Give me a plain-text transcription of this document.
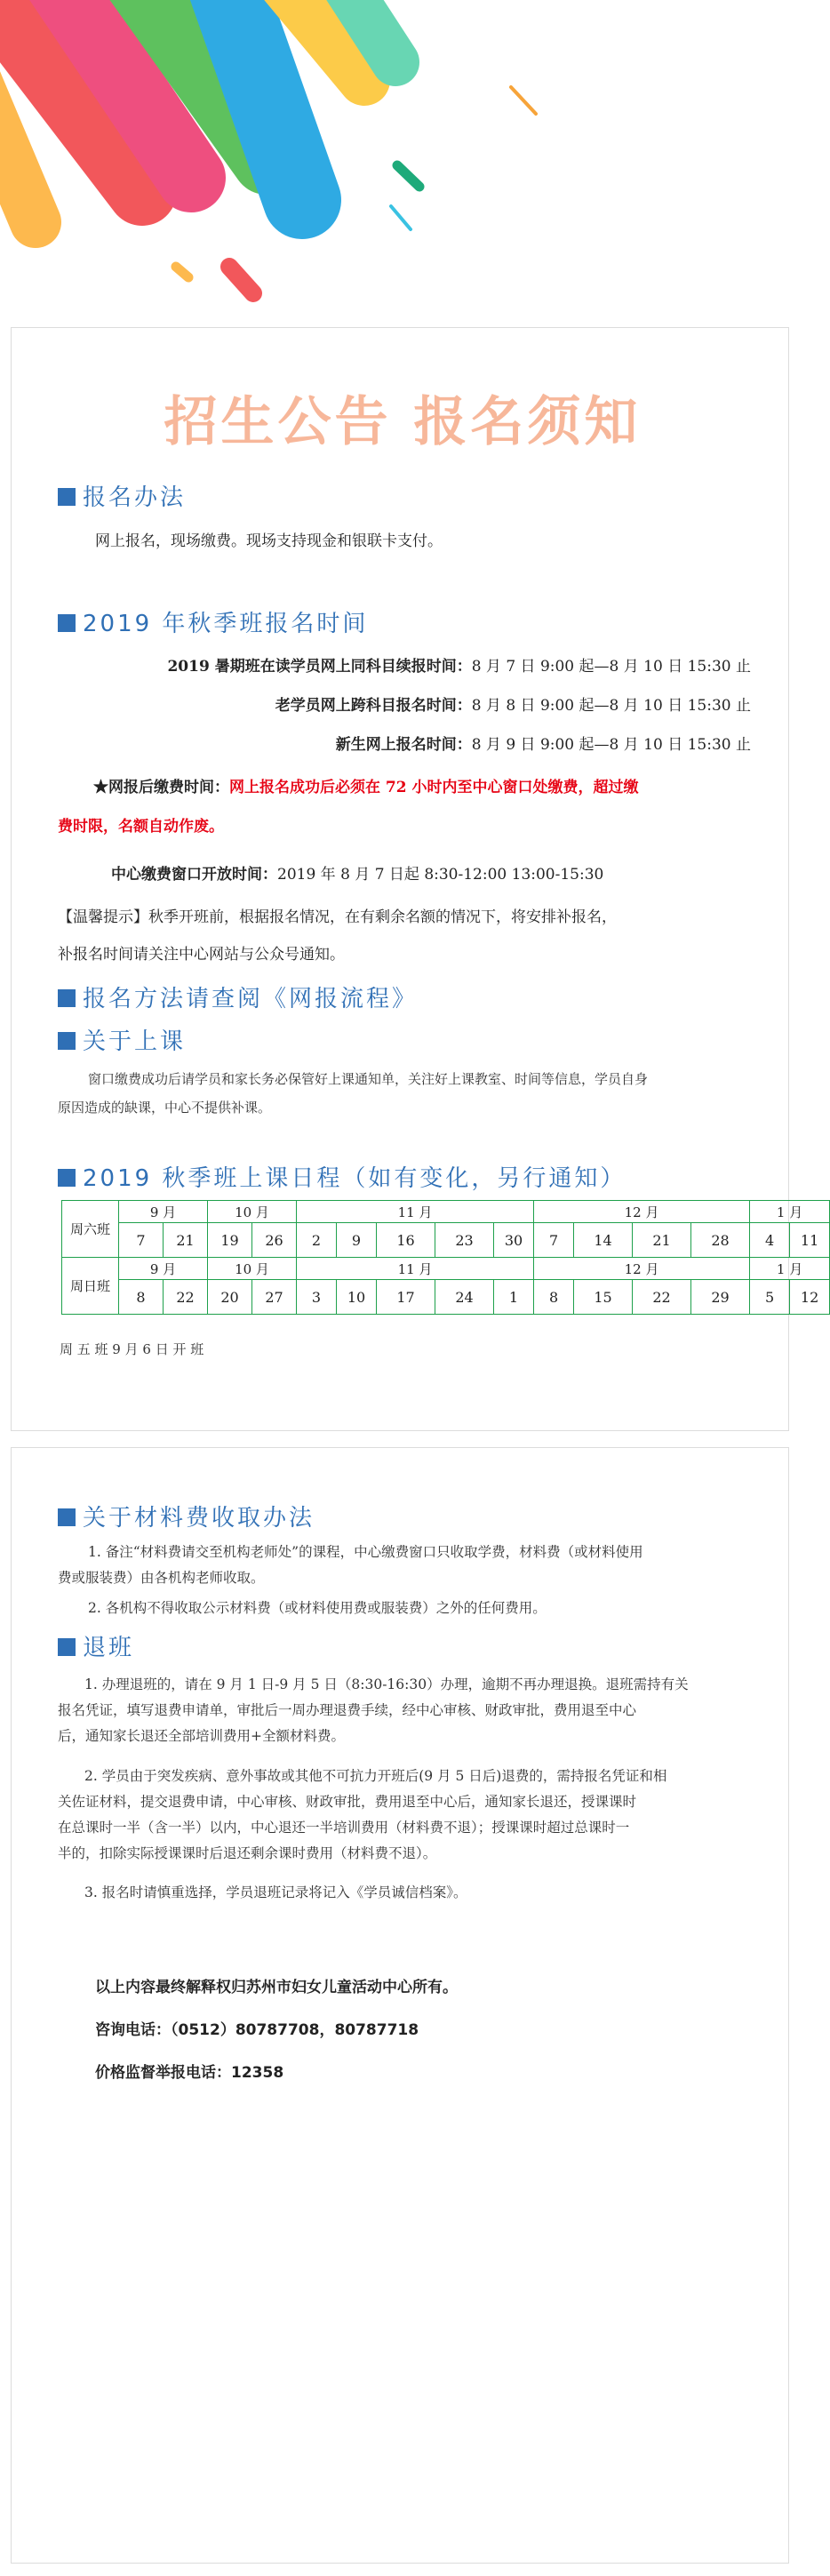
招生公告 报名须知
报名办法
网上报名，现场缴费。现场支持现金和银联卡支付。
2019 年秋季班报名时间
2019 暑期班在读学员网上同科目续报时间：8 月 7 日 9:00 起—8 月 10 日 15:30 止
老学员网上跨科目报名时间：8 月 8 日 9:00 起—8 月 10 日 15:30 止
新生网上报名时间：8 月 9 日 9:00 起—8 月 10 日 15:30 止
★网报后缴费时间：网上报名成功后必须在 72 小时内至中心窗口处缴费，超过缴
费时限，名额自动作废。
中心缴费窗口开放时间：2019 年 8 月 7 日起 8:30-12:00 13:00-15:30
【温馨提示】秋季开班前，根据报名情况，在有剩余名额的情况下，将安排补报名，
补报名时间请关注中心网站与公众号通知。
报名方法请查阅《网报流程》
关于上课
窗口缴费成功后请学员和家长务必保管好上课通知单，关注好上课教室、时间等信息，学员自身
原因造成的缺课，中心不提供补课。
2019 秋季班上课日程（如有变化，另行通知）
周六班	9 月		10 月		11 月					12 月				1 月	
	7	21	19	26	2	9	16	23	30	7	14	21	28	4	11
周日班	9 月		10 月		11 月					12 月				1 月	
	8	22	20	27	3	10	17	24	1	8	15	22	29	5	12
周 五 班 9 月 6 日 开 班
关于材料费收取办法
1. 备注“材料费请交至机构老师处”的课程，中心缴费窗口只收取学费，材料费（或材料使用
费或服装费）由各机构老师收取。
2. 各机构不得收取公示材料费（或材料使用费或服装费）之外的任何费用。
退班
1. 办理退班的，请在 9 月 1 日-9 月 5 日（8:30-16:30）办理，逾期不再办理退换。退班需持有关
报名凭证，填写退费申请单，审批后一周办理退费手续，经中心审核、财政审批，费用退至中心
后，通知家长退还全部培训费用+全额材料费。
2. 学员由于突发疾病、意外事故或其他不可抗力开班后(9 月 5 日后)退费的，需持报名凭证和相
关佐证材料，提交退费申请，中心审核、财政审批，费用退至中心后，通知家长退还，授课课时
在总课时一半（含一半）以内，中心退还一半培训费用（材料费不退）；授课课时超过总课时一
半的，扣除实际授课课时后退还剩余课时费用（材料费不退）。
3. 报名时请慎重选择，学员退班记录将记入《学员诚信档案》。
以上内容最终解释权归苏州市妇女儿童活动中心所有。
咨询电话：（0512）80787708，80787718
价格监督举报电话：12358
